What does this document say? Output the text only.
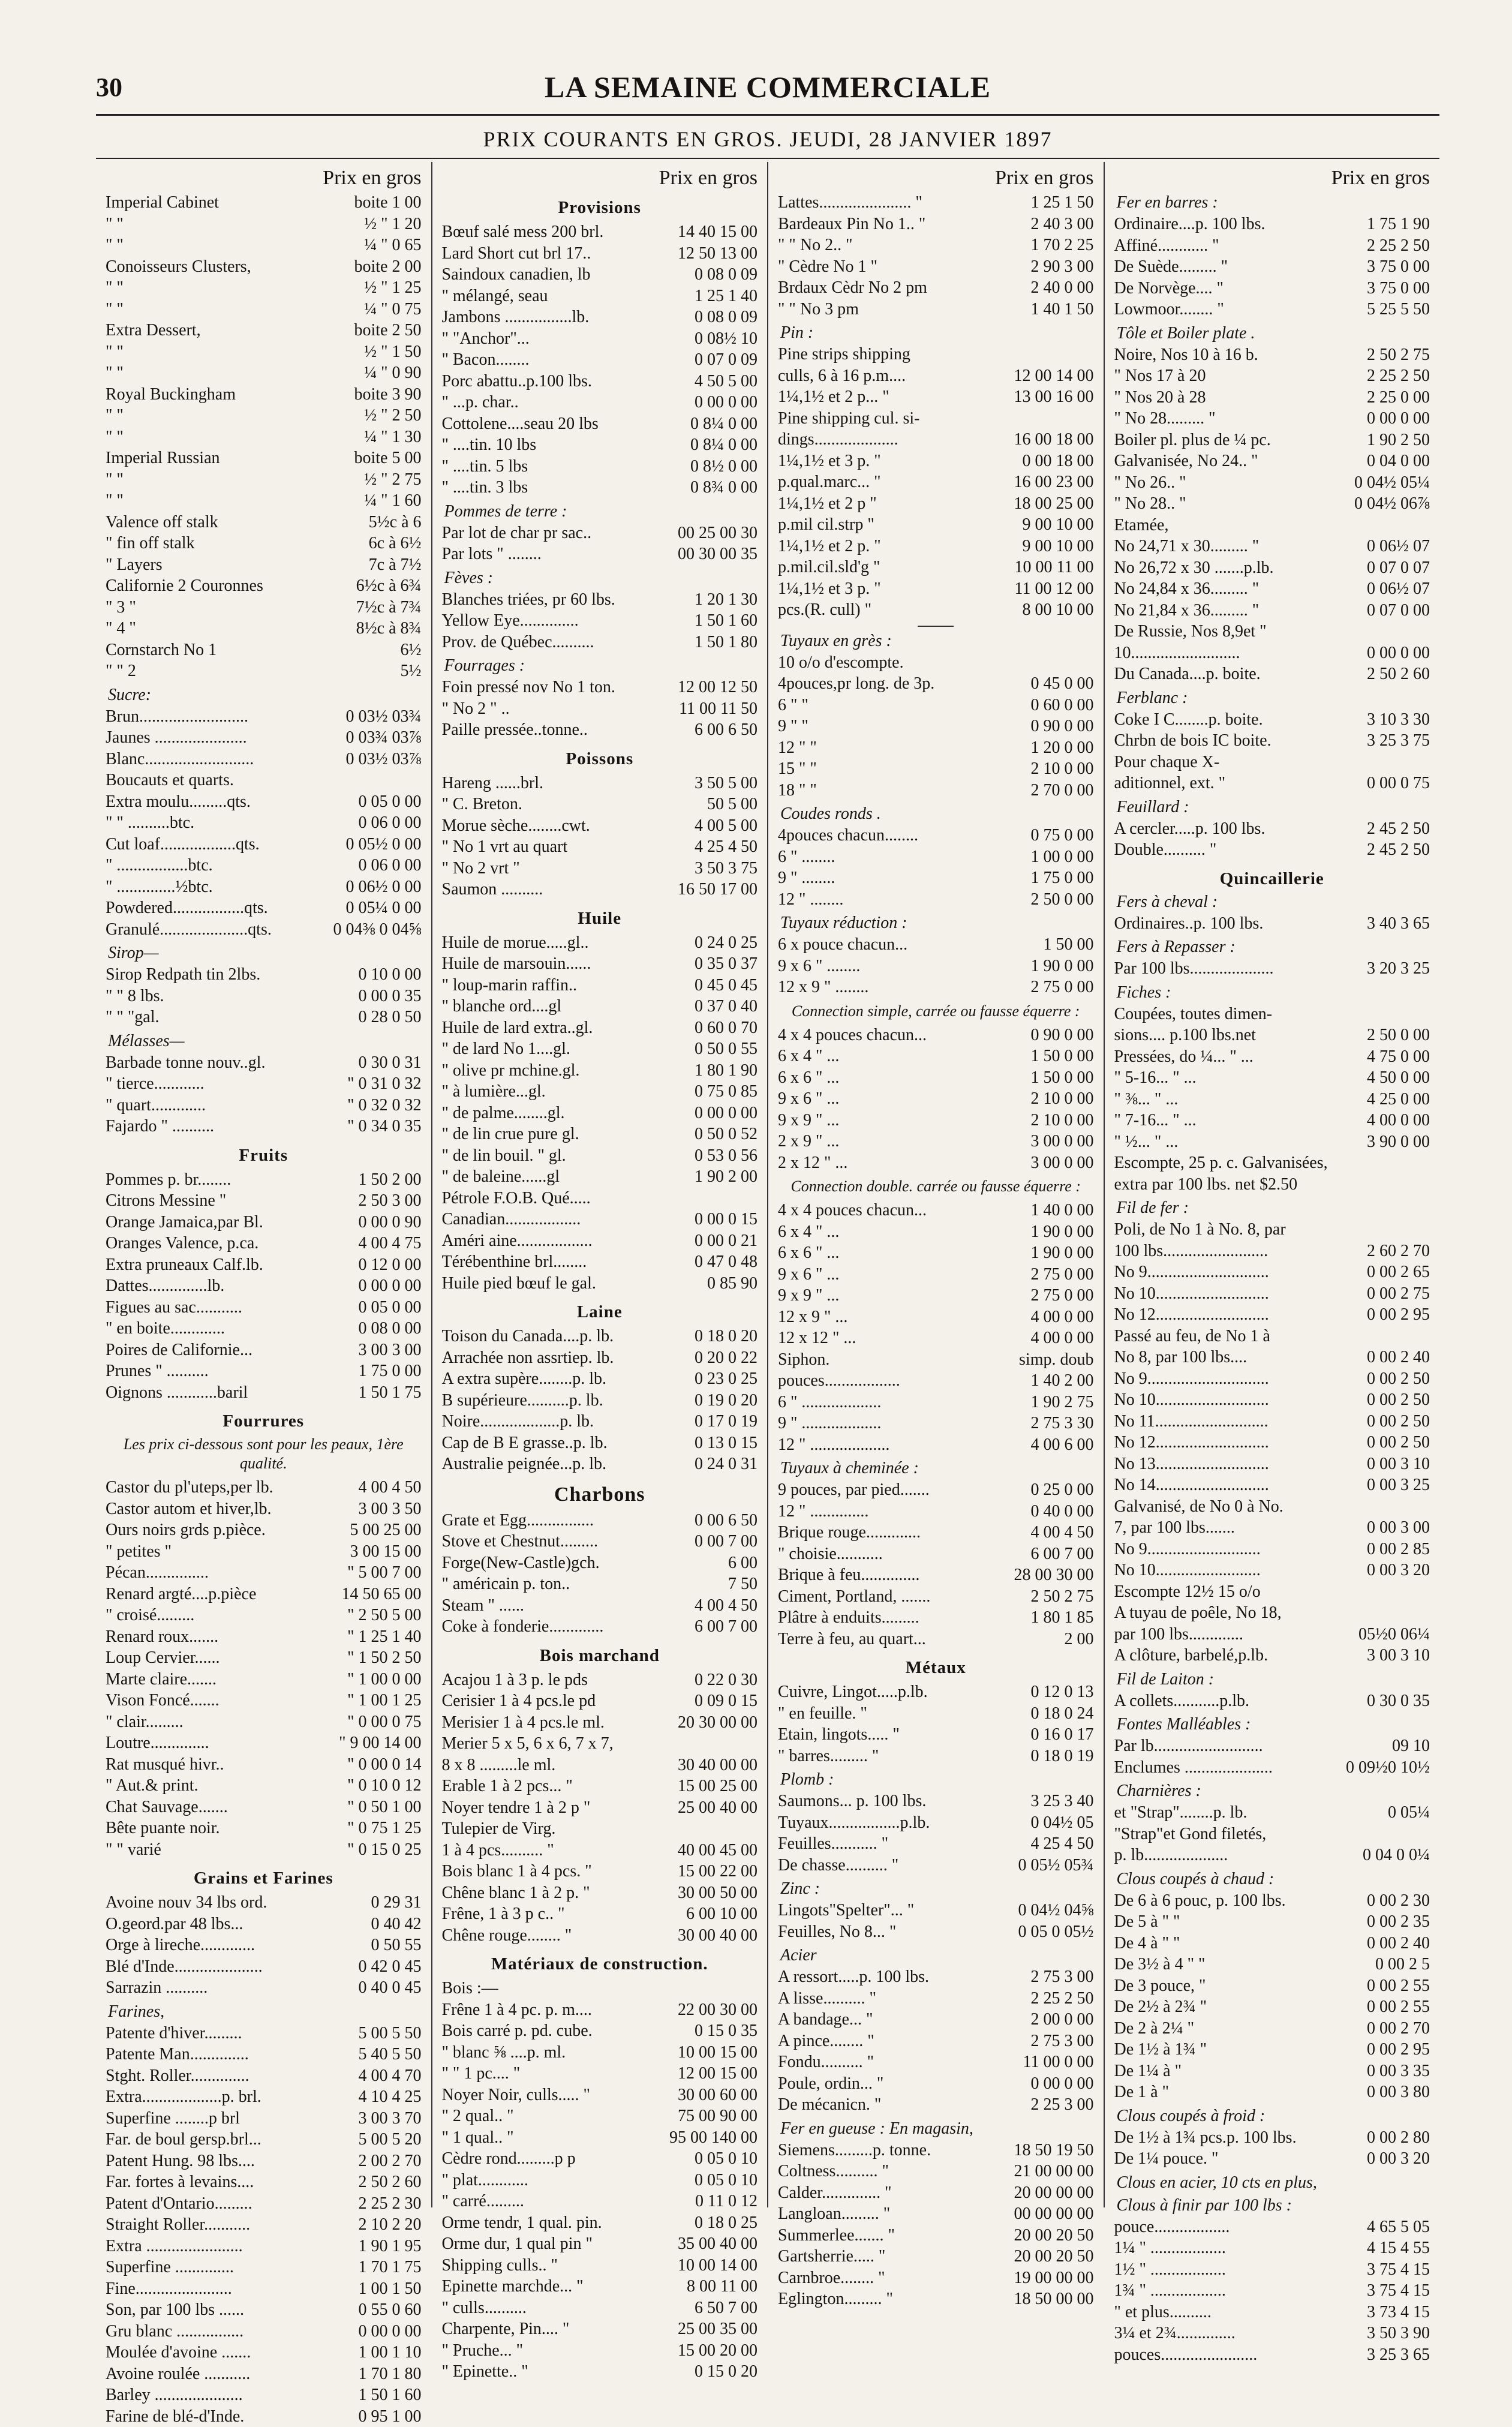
30	LA SEMAINE COMMERCIALE
PRIX COURANTS EN GROS. JEUDI, 28 JANVIER 1897
Prix en gros
Imperial Cabinet	boite 1 00
" "	½ " 1 20
" "	¼ " 0 65
Conoisseurs Clusters,	boite 2 00
" "	½ " 1 25
" "	¼ " 0 75
Extra Dessert,	boite 2 50
" "	½ " 1 50
" "	¼ " 0 90
Royal Buckingham	boite 3 90
" "	½ " 2 50
" "	¼ " 1 30
Imperial Russian	boite 5 00
" "	½ " 2 75
" "	¼ " 1 60
Valence off stalk	5½c à 6
" fin off stalk	6c à 6½
" Layers	7c à 7½
Californie 2 Couronnes	6½c à 6¾
" 3 "	7½c à 7¾
" 4 "	8½c à 8¾
Cornstarch No 1	6½
" " 2	5½
Sucre:
Brun..........................	0 03½ 03¾
Jaunes ......................	0 03¾ 03⅞
Blanc..........................	0 03½ 03⅞
Boucauts et quarts.
Extra moulu.........qts.	0 05 0 00
" " ..........btc.	0 06 0 00
Cut loaf..................qts.	0 05½ 0 00
" .................btc.	0 06 0 00
" ..............½btc.	0 06½ 0 00
Powdered.................qts.	0 05¼ 0 00
Granulé.....................qts.	0 04⅜ 0 04⅝
Sirop—
Sirop Redpath tin 2lbs.	0 10 0 00
" " 8 lbs.	0 00 0 35
" " "gal.	0 28 0 50
Mélasses—
Barbade tonne nouv..gl.	0 30 0 31
" tierce............	" 0 31 0 32
" quart.............	" 0 32 0 32
Fajardo " ..........	" 0 34 0 35
Fruits
Pommes p. br........	1 50 2 00
Citrons Messine "	2 50 3 00
Orange Jamaica,par Bl.	0 00 0 90
Oranges Valence, p.ca.	4 00 4 75
Extra pruneaux Calf.lb.	0 12 0 00
Dattes..............lb.	0 00 0 00
Figues au sac...........	0 05 0 00
" en boite.............	0 08 0 00
Poires de Californie...	3 00 3 00
Prunes " ..........	1 75 0 00
Oignons ............baril	1 50 1 75
Fourrures
Les prix ci-dessous sont pour les peaux, 1ère qualité.
Castor du pl'uteps,per lb.	4 00 4 50
Castor autom et hiver,lb.	3 00 3 50
Ours noirs grds p.pièce.	5 00 25 00
" petites "	3 00 15 00
Pécan...............	" 5 00 7 00
Renard argté....p.pièce	14 50 65 00
" croisé.........	" 2 50 5 00
Renard roux.......	" 1 25 1 40
Loup Cervier......	" 1 50 2 50
Marte claire.......	" 1 00 0 00
Vison Foncé.......	" 1 00 1 25
" clair.........	" 0 00 0 75
Loutre..............	" 9 00 14 00
Rat musqué hivr..	" 0 00 0 14
" Aut.& print.	" 0 10 0 12
Chat Sauvage.......	" 0 50 1 00
Bête puante noir.	" 0 75 1 25
" " varié	" 0 15 0 25
Grains et Farines
Avoine nouv 34 lbs ord.	0 29 31
O.geord.par 48 lbs...	0 40 42
Orge à lireche.............	0 50 55
Blé d'Inde.....................	0 42 0 45
Sarrazin ..........	0 40 0 45
Farines,
Patente d'hiver.........	5 00 5 50
Patente Man..............	5 40 5 50
Stght. Roller..............	4 00 4 70
Extra...................p. brl.	4 10 4 25
Superfine ........p brl	3 00 3 70
Far. de boul gersp.brl...	5 00 5 20
Patent Hung. 98 lbs....	2 00 2 70
Far. fortes à levains....	2 50 2 60
Patent d'Ontario.........	2 25 2 30
Straight Roller...........	2 10 2 20
Extra .......................	1 90 1 95
Superfine ..............	1 70 1 75
Fine.......................	1 00 1 50
Son, par 100 lbs ......	0 55 0 60
Gru blanc ................	0 00 0 00
Moulée d'avoine .......	1 00 1 10
Avoine roulée ...........	1 70 1 80
Barley .....................	1 50 1 60
Farine de blé-d'Inde.	0 95 1 00
Prix en gros
Provisions
Bœuf salé mess 200 brl.	14 40 15 00
Lard Short cut brl 17..	12 50 13 00
Saindoux canadien, lb	0 08 0 09
" mélangé, seau	1 25 1 40
Jambons ................lb.	0 08 0 09
" "Anchor"...	0 08½ 10
" Bacon........	0 07 0 09
Porc abattu..p.100 lbs.	4 50 5 00
" ...p. char..	0 00 0 00
Cottolene....seau 20 lbs	0 8¼ 0 00
" ....tin. 10 lbs	0 8¼ 0 00
" ....tin. 5 lbs	0 8½ 0 00
" ....tin. 3 lbs	0 8¾ 0 00
Pommes de terre :
Par lot de char pr sac..	00 25 00 30
Par lots " ........	00 30 00 35
Fèves :
Blanches triées, pr 60 lbs.	1 20 1 30
Yellow Eye..............	1 50 1 60
Prov. de Québec..........	1 50 1 80
Fourrages :
Foin pressé nov No 1 ton.	12 00 12 50
" No 2 " ..	11 00 11 50
Paille pressée..tonne..	6 00 6 50
Poissons
Hareng ......brl.	3 50 5 00
" C. Breton.	50 5 00
Morue sèche........cwt.	4 00 5 00
" No 1 vrt au quart	4 25 4 50
" No 2 vrt "	3 50 3 75
Saumon ..........	16 50 17 00
Huile
Huile de morue.....gl..	0 24 0 25
Huile de marsouin......	0 35 0 37
" loup-marin raffin..	0 45 0 45
" blanche ord....gl	0 37 0 40
Huile de lard extra..gl.	0 60 0 70
" de lard No 1....gl.	0 50 0 55
" olive pr mchine.gl.	1 80 1 90
" à lumière...gl.	0 75 0 85
" de palme........gl.	0 00 0 00
" de lin crue pure gl.	0 50 0 52
" de lin bouil. " gl.	0 53 0 56
" de baleine......gl	1 90 2 00
Pétrole F.O.B. Qué.....
Canadian..................	0 00 0 15
Améri aine..................	0 00 0 21
Térébenthine brl........	0 47 0 48
Huile pied bœuf le gal.	0 85 90
Laine
Toison du Canada....p. lb.	0 18 0 20
Arrachée non assrtiep. lb.	0 20 0 22
A extra supère........p. lb.	0 23 0 25
B supérieure..........p. lb.	0 19 0 20
Noire...................p. lb.	0 17 0 19
Cap de B E grasse..p. lb.	0 13 0 15
Australie peignée...p. lb.	0 24 0 31
Charbons
Grate et Egg................	0 00 6 50
Stove et Chestnut.........	0 00 7 00
Forge(New-Castle)gch.	6 00
" américain p. ton..	7 50
Steam " ......	4 00 4 50
Coke à fonderie.............	6 00 7 00
Bois marchand
Acajou 1 à 3 p. le pds	0 22 0 30
Cerisier 1 à 4 pcs.le pd	0 09 0 15
Merisier 1 à 4 pcs.le ml.	20 30 00 00
Merier 5 x 5, 6 x 6, 7 x 7,
8 x 8 .........le ml.	30 40 00 00
Erable 1 à 2 pcs... "	15 00 25 00
Noyer tendre 1 à 2 p "	25 00 40 00
Tulepier de Virg.
1 à 4 pcs.......... "	40 00 45 00
Bois blanc 1 à 4 pcs. "	15 00 22 00
Chêne blanc 1 à 2 p. "	30 00 50 00
Frêne, 1 à 3 p c.. "	6 00 10 00
Chêne rouge........ "	30 00 40 00
Matériaux de construction.
Bois :—
Frêne 1 à 4 pc. p. m....	22 00 30 00
Bois carré p. pd. cube.	0 15 0 35
" blanc ⅝ ....p. ml.	10 00 15 00
" " 1 pc.... "	12 00 15 00
Noyer Noir, culls..... "	30 00 60 00
" 2 qual.. "	75 00 90 00
" 1 qual.. "	95 00 140 00
Cèdre rond.........p p	0 05 0 10
" plat............	0 05 0 10
" carré.........	0 11 0 12
Orme tendr, 1 qual. pin.	0 18 0 25
Orme dur, 1 qual pin "	35 00 40 00
Shipping culls.. "	10 00 14 00
Epinette marchde... "	8 00 11 00
" culls..........	6 50 7 00
Charpente, Pin.... "	25 00 35 00
" Pruche... "	15 00 20 00
" Epinette.. "	0 15 0 20
Prix en gros
Lattes...................... "	1 25 1 50
Bardeaux Pin No 1.. "	2 40 3 00
" " No 2.. "	1 70 2 25
" Cèdre No 1 "	2 90 3 00
Brdaux Cèdr No 2 pm	2 40 0 00
" " No 3 pm	1 40 1 50
Pin :
Pine strips shipping
culls, 6 à 16 p.m....	12 00 14 00
1¼,1½ et 2 p... "	13 00 16 00
Pine shipping cul. si-
dings....................	16 00 18 00
1¼,1½ et 3 p. "	0 00 18 00
p.qual.marc... "	16 00 23 00
1¼,1½ et 2 p "	18 00 25 00
p.mil cil.strp "	9 00 10 00
1¼,1½ et 2 p. "	9 00 10 00
p.mil.cil.sld'g "	10 00 11 00
1¼,1½ et 3 p. "	11 00 12 00
pcs.(R. cull) "	8 00 10 00
Tuyaux en grès :
10 o/o d'escompte.
4pouces,pr long. de 3p.	0 45 0 00
6 " "	0 60 0 00
9 " "	0 90 0 00
12 " "	1 20 0 00
15 " "	2 10 0 00
18 " "	2 70 0 00
Coudes ronds .
4pouces chacun........	0 75 0 00
6 " ........	1 00 0 00
9 " ........	1 75 0 00
12 " ........	2 50 0 00
Tuyaux réduction :
6 x pouce chacun...	1 50 00
9 x 6 " ........	1 90 0 00
12 x 9 " ........	2 75 0 00
Connection simple, carrée ou fausse équerre :
4 x 4 pouces chacun...	0 90 0 00
6 x 4 " ...	1 50 0 00
6 x 6 " ...	1 50 0 00
9 x 6 " ...	2 10 0 00
9 x 9 " ...	2 10 0 00
2 x 9 " ...	3 00 0 00
2 x 12 " ...	3 00 0 00
Connection double. carrée ou fausse équerre :
4 x 4 pouces chacun...	1 40 0 00
6 x 4 " ...	1 90 0 00
6 x 6 " ...	1 90 0 00
9 x 6 " ...	2 75 0 00
9 x 9 " ...	2 75 0 00
12 x 9 " ...	4 00 0 00
12 x 12 " ...	4 00 0 00
Siphon.	simp. doub
pouces..................	1 40 2 00
6 " ...................	1 90 2 75
9 " ...................	2 75 3 30
12 " ...................	4 00 6 00
Tuyaux à cheminée :
9 pouces, par pied.......	0 25 0 00
12 " ..............	0 40 0 00
Brique rouge.............	4 00 4 50
" choisie...........	6 00 7 00
Brique à feu..............	28 00 30 00
Ciment, Portland, .......	2 50 2 75
Plâtre à enduits.........	1 80 1 85
Terre à feu, au quart...	2 00
Métaux
Cuivre, Lingot.....p.lb.	0 12 0 13
" en feuille. "	0 18 0 24
Etain, lingots..... "	0 16 0 17
" barres......... "	0 18 0 19
Plomb :
Saumons... p. 100 lbs.	3 25 3 40
Tuyaux.................p.lb.	0 04½ 05
Feuilles........... "	4 25 4 50
De chasse.......... "	0 05½ 05¾
Zinc :
Lingots"Spelter"... "	0 04½ 04⅝
Feuilles, No 8... "	0 05 0 05½
Acier
A ressort.....p. 100 lbs.	2 75 3 00
A lisse.......... "	2 25 2 50
A bandage... "	2 00 0 00
A pince........ "	2 75 3 00
Fondu.......... "	11 00 0 00
Poule, ordin... "	0 00 0 00
De mécanicn. "	2 25 3 00
Fer en gueuse : En magasin,
Siemens.........p. tonne.	18 50 19 50
Coltness.......... "	21 00 00 00
Calder.............. "	20 00 00 00
Langloan......... "	00 00 00 00
Summerlee....... "	20 00 20 50
Gartsherrie..... "	20 00 20 50
Carnbroe........ "	19 00 00 00
Eglington......... "	18 50 00 00
Prix en gros
Fer en barres :
Ordinaire....p. 100 lbs.	1 75 1 90
Affiné............ "	2 25 2 50
De Suède......... "	3 75 0 00
De Norvège.... "	3 75 0 00
Lowmoor........ "	5 25 5 50
Tôle et Boiler plate .
Noire, Nos 10 à 16 b.	2 50 2 75
" Nos 17 à 20	2 25 2 50
" Nos 20 à 28	2 25 0 00
" No 28......... "	0 00 0 00
Boiler pl. plus de ¼ pc.	1 90 2 50
Galvanisée, No 24.. "	0 04 0 00
" No 26.. "	0 04½ 05¼
" No 28.. "	0 04½ 06⅞
Etamée,
No 24,71 x 30......... "	0 06½ 07
No 26,72 x 30 .......p.lb.	0 07 0 07
No 24,84 x 36......... "	0 06½ 07
No 21,84 x 36......... "	0 07 0 00
De Russie, Nos 8,9et "
10..........................	0 00 0 00
Du Canada....p. boite.	2 50 2 60
Ferblanc :
Coke I C........p. boite.	3 10 3 30
Chrbn de bois IC boite.	3 25 3 75
Pour chaque X-
aditionnel, ext. "	0 00 0 75
Feuillard :
A cercler.....p. 100 lbs.	2 45 2 50
Double.......... "	2 45 2 50
Quincaillerie
Fers à cheval :
Ordinaires..p. 100 lbs.	3 40 3 65
Fers à Repasser :
Par 100 lbs....................	3 20 3 25
Fiches :
Coupées, toutes dimen-
sions.... p.100 lbs.net	2 50 0 00
Pressées, do ¼... " ...	4 75 0 00
" 5-16... " ...	4 50 0 00
" ⅜... " ...	4 25 0 00
" 7-16... " ...	4 00 0 00
" ½... " ...	3 90 0 00
Escompte, 25 p. c. Galvanisées,
extra par 100 lbs. net $2.50
Fil de fer :
Poli, de No 1 à No. 8, par
100 lbs.........................	2 60 2 70
No 9.............................	0 00 2 65
No 10...........................	0 00 2 75
No 12...........................	0 00 2 95
Passé au feu, de No 1 à
No 8, par 100 lbs....	0 00 2 40
No 9.............................	0 00 2 50
No 10...........................	0 00 2 50
No 11...........................	0 00 2 50
No 12...........................	0 00 2 50
No 13...........................	0 00 3 10
No 14...........................	0 00 3 25
Galvanisé, de No 0 à No.
7, par 100 lbs.......	0 00 3 00
No 9...........................	0 00 2 85
No 10.........................	0 00 3 20
Escompte 12½ 15 o/o
A tuyau de poêle, No 18,
par 100 lbs.............	05½0 06¼
A clôture, barbelé,p.lb.	3 00 3 10
Fil de Laiton :
A collets...........p.lb.	0 30 0 35
Fontes Malléables :
Par lb..........................	09 10
Enclumes .....................	0 09½0 10½
Charnières :
et "Strap"........p. lb.	0 05¼
"Strap"et Gond filetés,
p. lb....................	0 04 0 0¼
Clous coupés à chaud :
De 6 à 6 pouc, p. 100 lbs.	0 00 2 30
De 5 à " "	0 00 2 35
De 4 à " "	0 00 2 40
De 3½ à 4 " "	0 00 2 5
De 3 pouce, "	0 00 2 55
De 2½ à 2¾ "	0 00 2 55
De 2 à 2¼ "	0 00 2 70
De 1½ à 1¾ "	0 00 2 95
De 1¼ à "	0 00 3 35
De 1 à "	0 00 3 80
Clous coupés à froid :
De 1½ à 1¾ pcs.p. 100 lbs.	0 00 2 80
De 1¼ pouce. "	0 00 3 20
Clous en acier, 10 cts en plus,
Clous à finir par 100 lbs :
pouce..................	4 65 5 05
1¼ " ..................	4 15 4 55
1½ " ..................	3 75 4 15
1¾ " ..................	3 75 4 15
" et plus..........	3 73 4 15
3¼ et 2¾..............	3 50 3 90
pouces.......................	3 25 3 65
